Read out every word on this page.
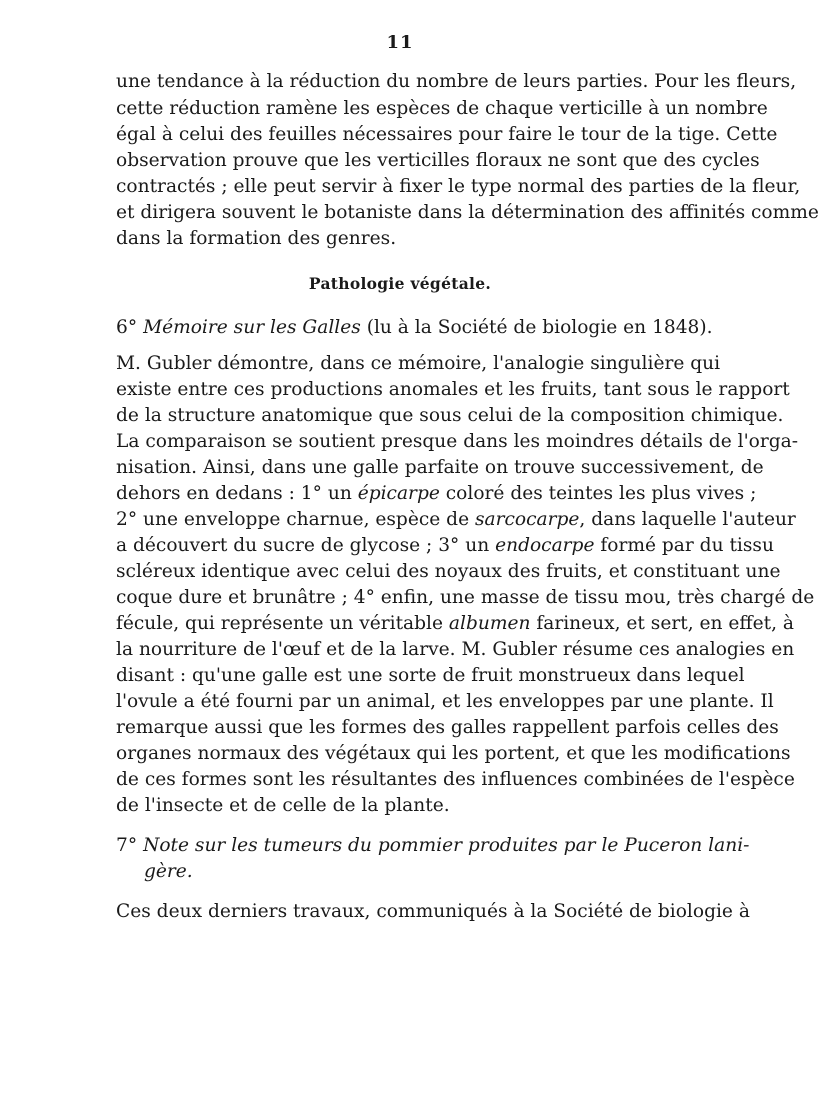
11
une tendance à la réduction du nombre de leurs parties. Pour les fleurs,
cette réduction ramène les espèces de chaque verticille à un nombre
égal à celui des feuilles nécessaires pour faire le tour de la tige. Cette
observation prouve que les verticilles floraux ne sont que des cycles
contractés ; elle peut servir à fixer le type normal des parties de la fleur,
et dirigera souvent le botaniste dans la détermination des affinités comme
dans la formation des genres.
Pathologie végétale.
6° Mémoire sur les Galles (lu à la Société de biologie en 1848).
M. Gubler démontre, dans ce mémoire, l'analogie singulière qui
existe entre ces productions anomales et les fruits, tant sous le rapport
de la structure anatomique que sous celui de la composition chimique.
La comparaison se soutient presque dans les moindres détails de l'orga-
nisation. Ainsi, dans une galle parfaite on trouve successivement, de
dehors en dedans : 1° un épicarpe coloré des teintes les plus vives ;
2° une enveloppe charnue, espèce de sarcocarpe, dans laquelle l'auteur
a découvert du sucre de glycose ; 3° un endocarpe formé par du tissu
scléreux identique avec celui des noyaux des fruits, et constituant une
coque dure et brunâtre ; 4° enfin, une masse de tissu mou, très chargé de
fécule, qui représente un véritable albumen farineux, et sert, en effet, à
la nourriture de l'œuf et de la larve. M. Gubler résume ces analogies en
disant : qu'une galle est une sorte de fruit monstrueux dans lequel
l'ovule a été fourni par un animal, et les enveloppes par une plante. Il
remarque aussi que les formes des galles rappellent parfois celles des
organes normaux des végétaux qui les portent, et que les modifications
de ces formes sont les résultantes des influences combinées de l'espèce
de l'insecte et de celle de la plante.
7° Note sur les tumeurs du pommier produites par le Puceron lani-
gère.
Ces deux derniers travaux, communiqués à la Société de biologie à
